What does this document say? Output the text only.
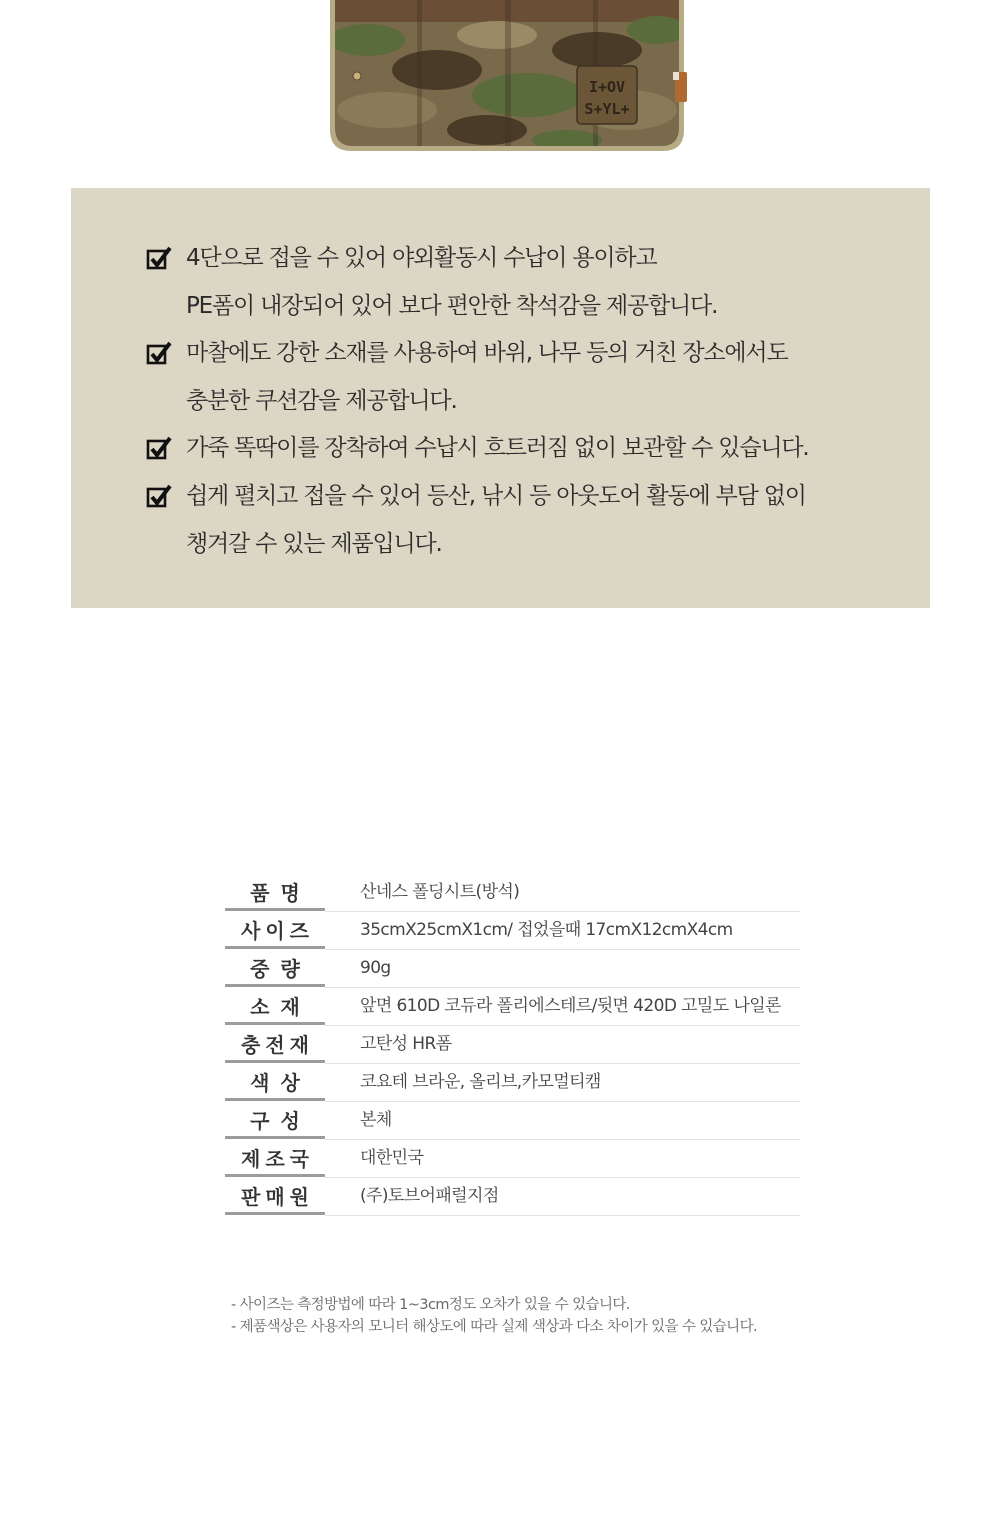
I+OV
S+YL+
4단으로 접을 수 있어 야외활동시 수납이 용이하고
PE폼이 내장되어 있어 보다 편안한 착석감을 제공합니다.
마찰에도 강한 소재를 사용하여 바위, 나무 등의 거친 장소에서도
충분한 쿠션감을 제공합니다.
가죽 똑딱이를 장착하여 수납시 흐트러짐 없이 보관할 수 있습니다.
쉽게 펼치고 접을 수 있어 등산, 낚시 등 아웃도어 활동에 부담 없이
챙겨갈 수 있는 제품입니다.
품명	산네스 폴딩시트(방석)
사이즈	35cmX25cmX1cm/ 접었을때 17cmX12cmX4cm
중량	90g
소재	앞면 610D 코듀라 폴리에스테르/뒷면 420D 고밀도 나일론
충전재	고탄성 HR폼
색상	코요테 브라운, 올리브,카모멀티캠
구성	본체
제조국	대한민국
판매원	(주)토브어패럴지점
- 사이즈는 측정방법에 따라 1~3cm정도 오차가 있을 수 있습니다.
- 제품색상은 사용자의 모니터 해상도에 따라 실제 색상과 다소 차이가 있을 수 있습니다.
